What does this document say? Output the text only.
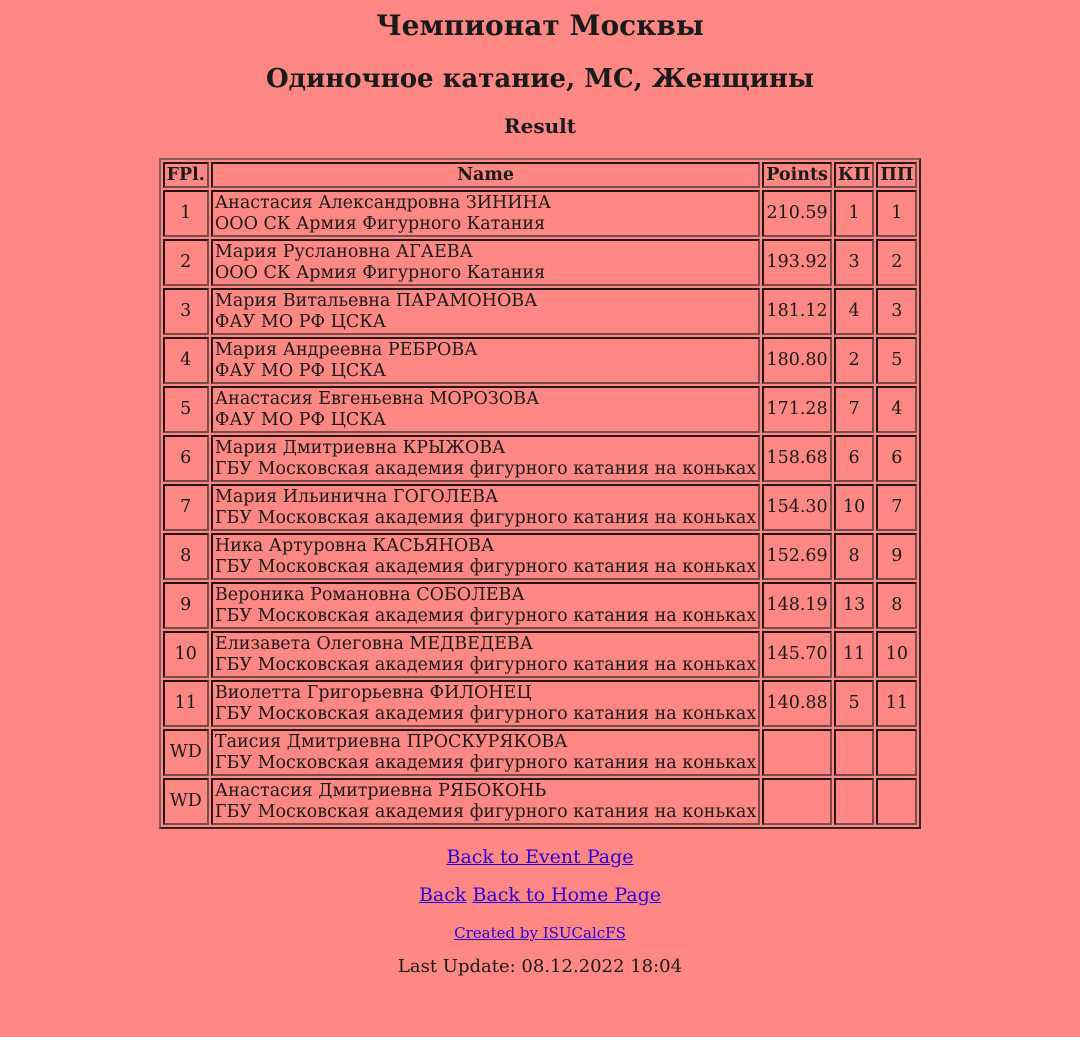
Чемпионат Москвы
Одиночное катание, МС, Женщины
Result
FPl.	Name	Points	КП	ПП
1	Анастасия Александровна ЗИНИНА
ООО СК Армия Фигурного Катания	210.59	1	1
2	Мария Руслановна АГАЕВА
ООО СК Армия Фигурного Катания	193.92	3	2
3	Мария Витальевна ПАРАМОНОВА
ФАУ МО РФ ЦСКА	181.12	4	3
4	Мария Андреевна РЕБРОВА
ФАУ МО РФ ЦСКА	180.80	2	5
5	Анастасия Евгеньевна МОРОЗОВА
ФАУ МО РФ ЦСКА	171.28	7	4
6	Мария Дмитриевна КРЫЖОВА
ГБУ Московская академия фигурного катания на коньках	158.68	6	6
7	Мария Ильинична ГОГОЛЕВА
ГБУ Московская академия фигурного катания на коньках	154.30	10	7
8	Ника Артуровна КАСЬЯНОВА
ГБУ Московская академия фигурного катания на коньках	152.69	8	9
9	Вероника Романовна СОБОЛЕВА
ГБУ Московская академия фигурного катания на коньках	148.19	13	8
10	Елизавета Олеговна МЕДВЕДЕВА
ГБУ Московская академия фигурного катания на коньках	145.70	11	10
11	Виолетта Григорьевна ФИЛОНЕЦ
ГБУ Московская академия фигурного катания на коньках	140.88	5	11
WD	Таисия Дмитриевна ПРОСКУРЯКОВА
ГБУ Московская академия фигурного катания на коньках			

WD	Анастасия Дмитриевна РЯБОКОНЬ
ГБУ Московская академия фигурного катания на коньках			

Back to Event Page
Back Back to Home Page
Created by ISUCalcFS
Last Update: 08.12.2022 18:04
